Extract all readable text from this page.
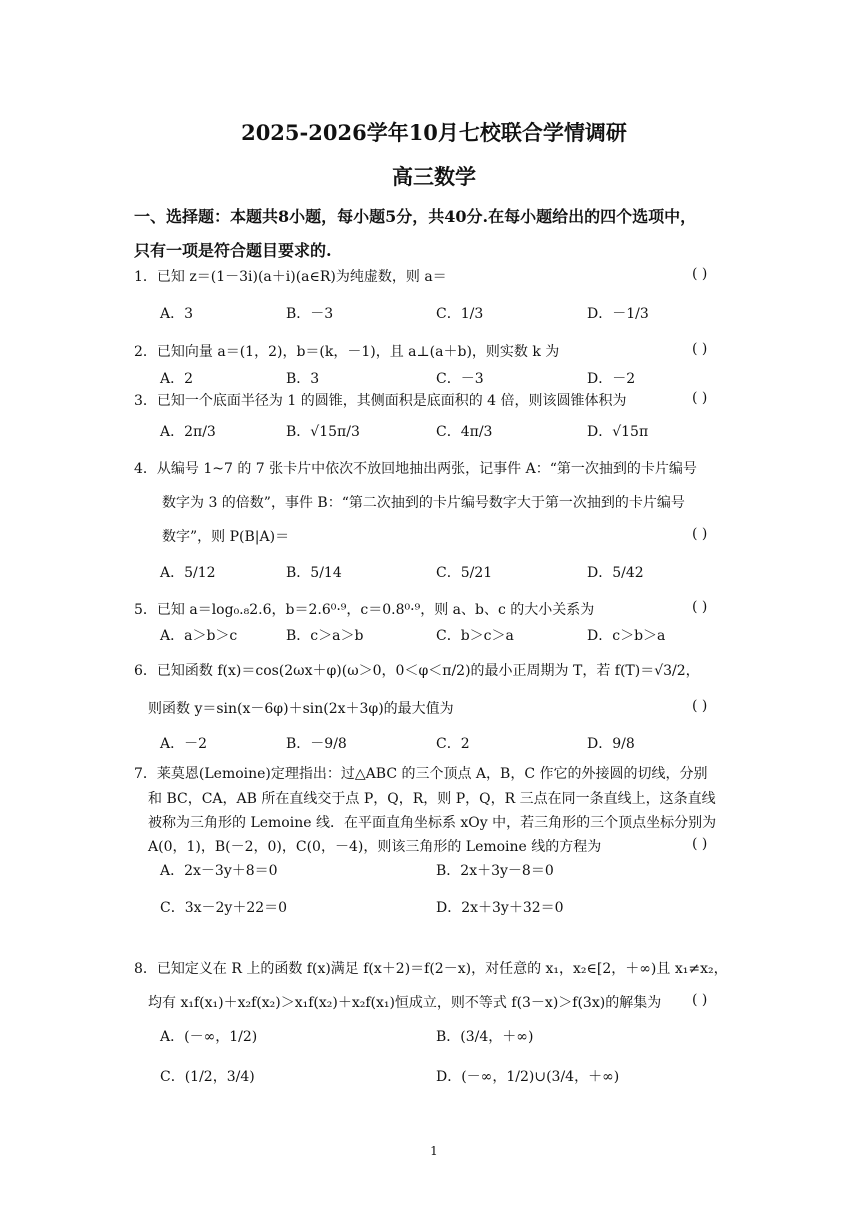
2025-2026学年10月七校联合学情调研
高三数学
一、选择题：本题共8小题，每小题5分，共40分.在每小题给出的四个选项中，
只有一项是符合题目要求的.
1．已知 z＝(1－3i)(a＋i)(a∈R)为纯虚数，则 a＝	( )
A．3	B．－3	C．1/3	D．－1/3
2．已知向量 a＝(1，2)，b＝(k，－1)，且 a⊥(a＋b)，则实数 k 为	( )
A．2	B．3	C．－3	D．－2
3．已知一个底面半径为 1 的圆锥，其侧面积是底面积的 4 倍，则该圆锥体积为	( )
A．2π/3	B．√15π/3	C．4π/3	D．√15π
4．从编号 1~7 的 7 张卡片中依次不放回地抽出两张，记事件 A：“第一次抽到的卡片编号
数字为 3 的倍数”，事件 B：“第二次抽到的卡片编号数字大于第一次抽到的卡片编号
数字”，则 P(B|A)＝	( )
A．5/12	B．5/14	C．5/21	D．5/42
5．已知 a＝log₀.₈2.6，b＝2.6⁰·⁹，c＝0.8⁰·⁹，则 a、b、c 的大小关系为	( )
A．a＞b＞c	B．c＞a＞b	C．b＞c＞a	D．c＞b＞a
6．已知函数 f(x)＝cos(2ωx＋φ)(ω＞0，0＜φ＜π/2)的最小正周期为 T，若 f(T)＝√3/2，
则函数 y＝sin(x－6φ)＋sin(2x＋3φ)的最大值为	( )
A．－2	B．－9/8	C．2	D．9/8
7．莱莫恩(Lemoine)定理指出：过△ABC 的三个顶点 A，B，C 作它的外接圆的切线，分别
和 BC，CA，AB 所在直线交于点 P，Q，R，则 P，Q，R 三点在同一条直线上，这条直线
被称为三角形的 Lemoine 线．在平面直角坐标系 xOy 中，若三角形的三个顶点坐标分别为
A(0，1)，B(－2，0)，C(0，－4)，则该三角形的 Lemoine 线的方程为	( )
A．2x－3y＋8＝0	B．2x＋3y－8＝0
C．3x－2y＋22＝0	D．2x＋3y＋32＝0
8．已知定义在 R 上的函数 f(x)满足 f(x＋2)＝f(2－x)，对任意的 x₁，x₂∈[2，＋∞)且 x₁≠x₂，
均有 x₁f(x₁)＋x₂f(x₂)＞x₁f(x₂)＋x₂f(x₁)恒成立，则不等式 f(3－x)＞f(3x)的解集为 ( )
A．(－∞，1/2)	B．(3/4，＋∞)
C．(1/2，3/4)	D．(－∞，1/2)∪(3/4，＋∞)
1
